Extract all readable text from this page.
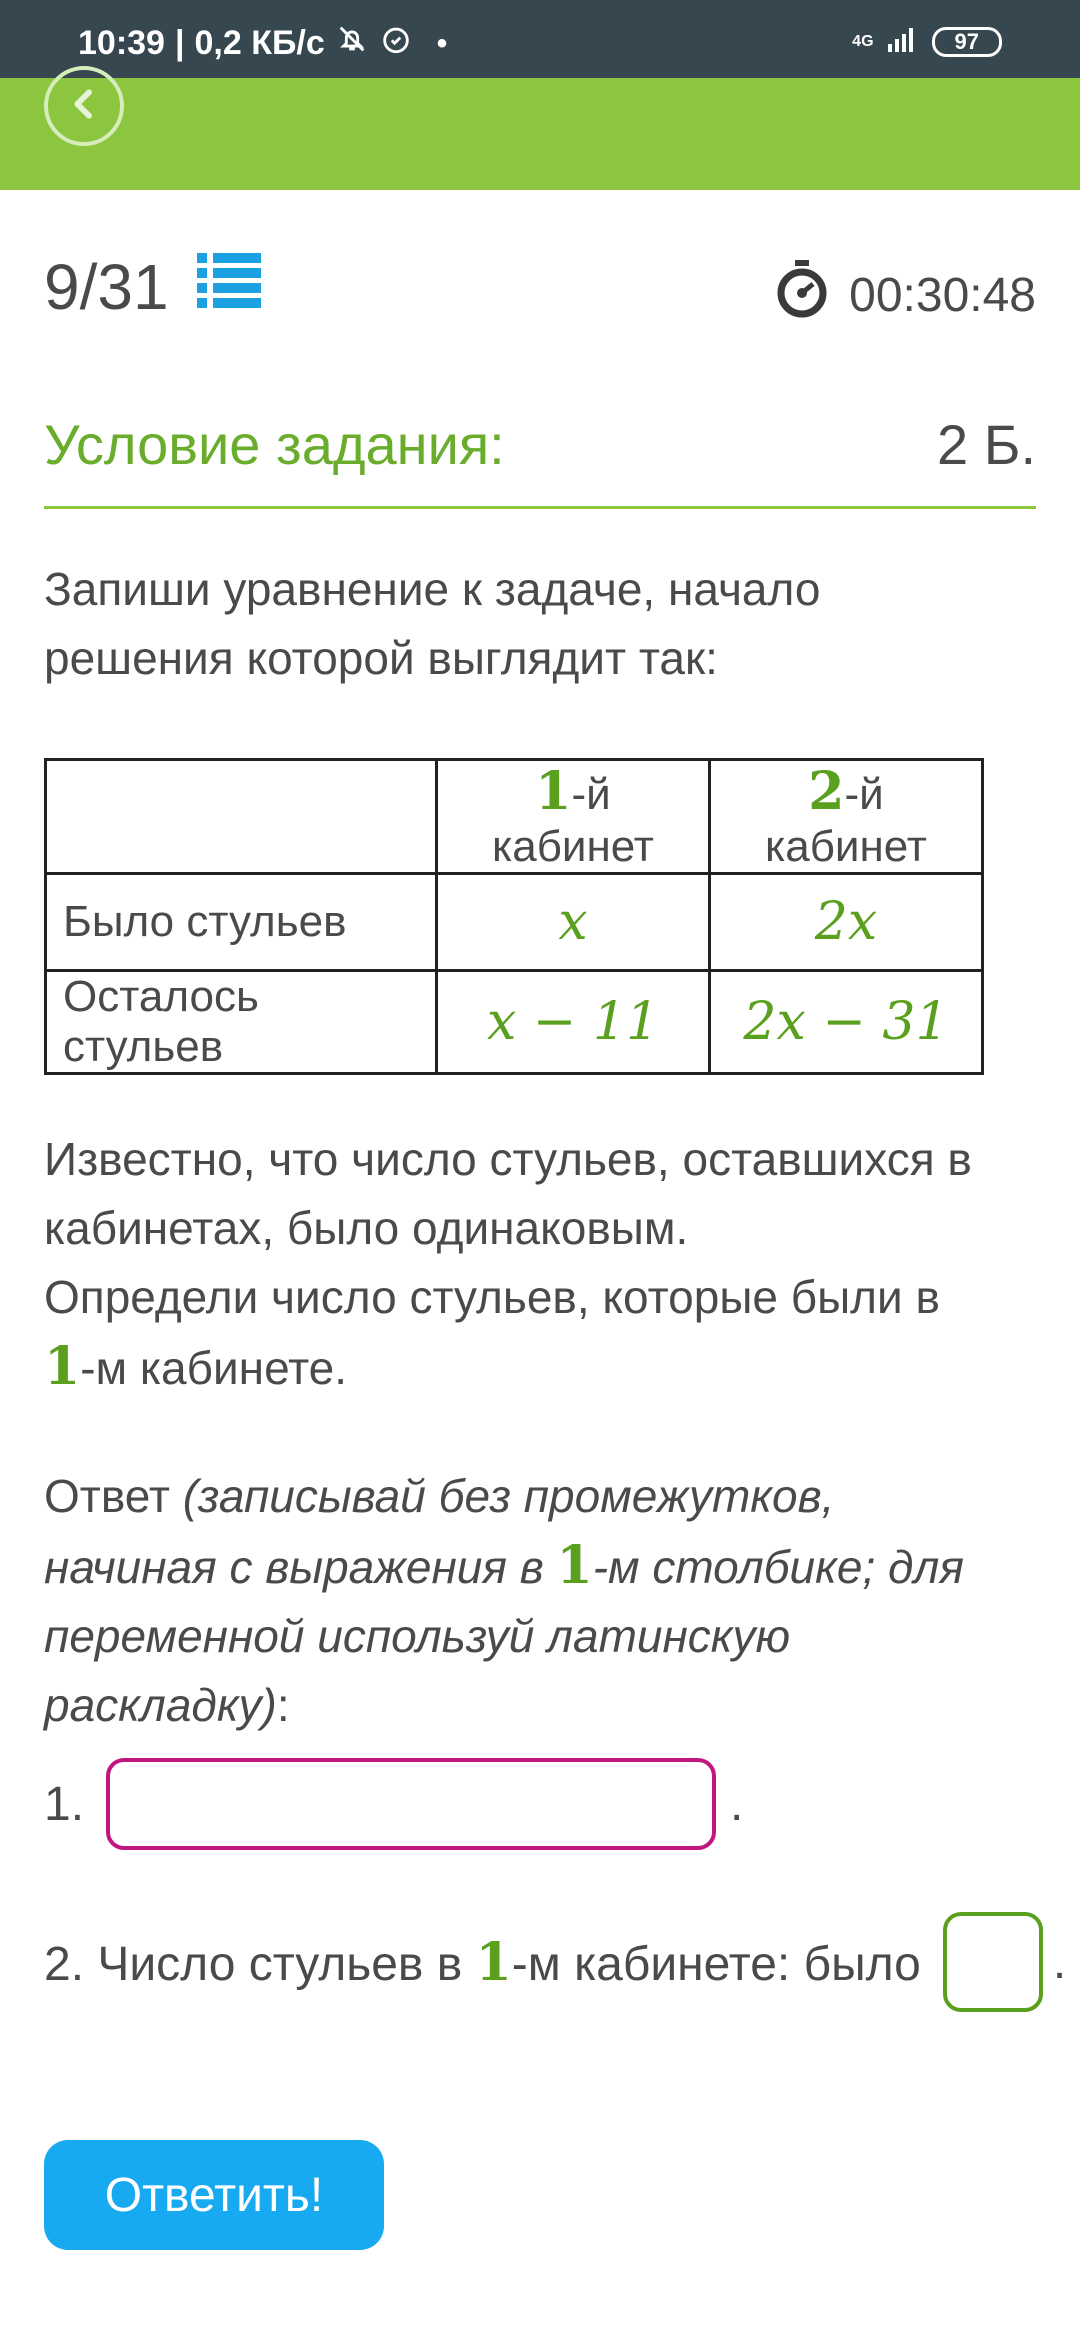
10:39 | 0,2 КБ/с	•	4G	97
9/31	00:30:48
Условие задания:	2 Б.
Запиши уравнение к задаче, начало решения которой выглядит так:
	1-й кабинет	2-й кабинет
Было стульев	x	2x
Осталось стульев	x − 11	2x − 31
Известно, что число стульев, оставшихся в кабинетах, было одинаковым.
Определи число стульев, которые были в 1-м кабинете.
Ответ (записывай без промежутков, начиная с выражения в 1-м столбике; для переменной используй латинскую раскладку):
1.	.
2. Число стульев в 1-м кабинете: было	.
Ответить!
